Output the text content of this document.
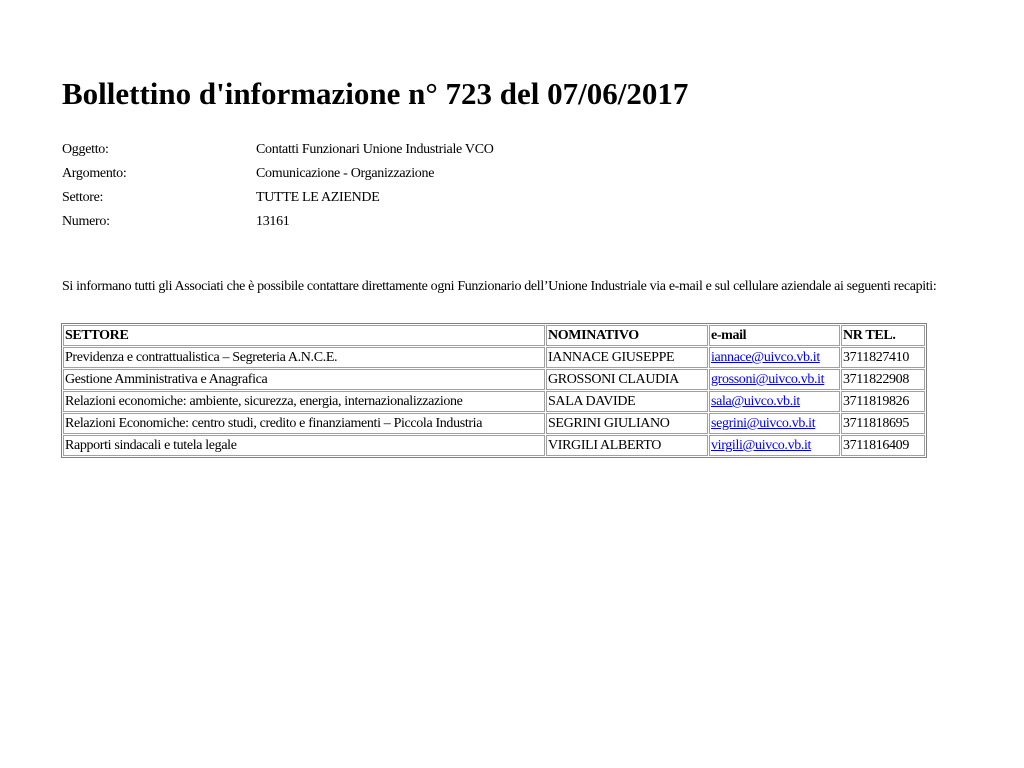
Bollettino d'informazione n° 723 del 07/06/2017
Oggetto:	Contatti Funzionari Unione Industriale VCO
Argomento:	Comunicazione - Organizzazione
Settore:	TUTTE LE AZIENDE
Numero:	13161

Si informano tutti gli Associati che è possibile contattare direttamente ogni Funzionario dell’Unione Industriale via e-mail e sul cellulare aziendale ai seguenti recapiti:

SETTORE	NOMINATIVO	e-mail	NR TEL.
Previdenza e contrattualistica – Segreteria A.N.C.E.	IANNACE GIUSEPPE	iannace@uivco.vb.it	3711827410
Gestione Amministrativa e Anagrafica	GROSSONI CLAUDIA	grossoni@uivco.vb.it	3711822908
Relazioni economiche: ambiente, sicurezza, energia, internazionalizzazione	SALA DAVIDE	sala@uivco.vb.it	3711819826
Relazioni Economiche: centro studi, credito e finanziamenti – Piccola Industria	SEGRINI GIULIANO	segrini@uivco.vb.it	3711818695
Rapporti sindacali e tutela legale	VIRGILI ALBERTO	virgili@uivco.vb.it	3711816409
